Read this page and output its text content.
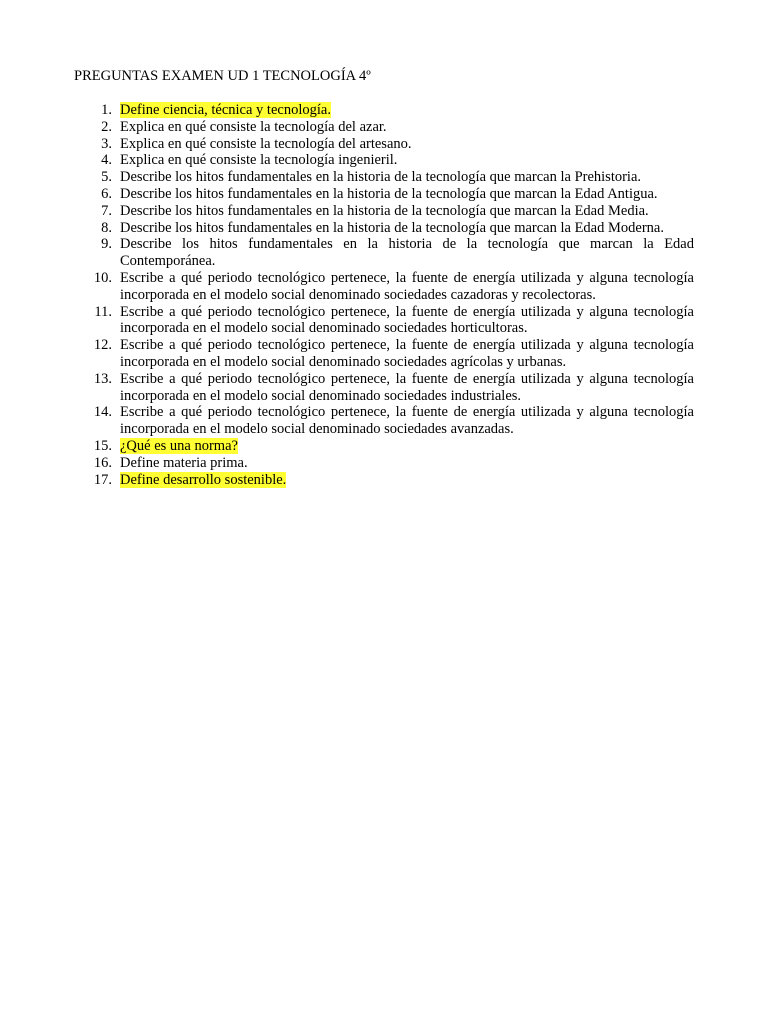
PREGUNTAS EXAMEN UD 1 TECNOLOGÍA 4º
1. Define ciencia, técnica y tecnología.
2. Explica en qué consiste la tecnología del azar.
3. Explica en qué consiste la tecnología del artesano.
4. Explica en qué consiste la tecnología ingenieril.
5. Describe los hitos fundamentales en la historia de la tecnología que marcan la Prehistoria.
6. Describe los hitos fundamentales en la historia de la tecnología que marcan la Edad Antigua.
7. Describe los hitos fundamentales en la historia de la tecnología que marcan la Edad Media.
8. Describe los hitos fundamentales en la historia de la tecnología que marcan la Edad Moderna.
9. Describe los hitos fundamentales en la historia de la tecnología que marcan la Edad Contemporánea.
10. Escribe a qué periodo tecnológico pertenece, la fuente de energía utilizada y alguna tecnología incorporada en el modelo social denominado sociedades cazadoras y recolectoras.
11. Escribe a qué periodo tecnológico pertenece, la fuente de energía utilizada y alguna tecnología incorporada en el modelo social denominado sociedades horticultoras.
12. Escribe a qué periodo tecnológico pertenece, la fuente de energía utilizada y alguna tecnología incorporada en el modelo social denominado sociedades agrícolas y urbanas.
13. Escribe a qué periodo tecnológico pertenece, la fuente de energía utilizada y alguna tecnología incorporada en el modelo social denominado sociedades industriales.
14. Escribe a qué periodo tecnológico pertenece, la fuente de energía utilizada y alguna tecnología incorporada en el modelo social denominado sociedades avanzadas.
15. ¿Qué es una norma?
16. Define materia prima.
17. Define desarrollo sostenible.
